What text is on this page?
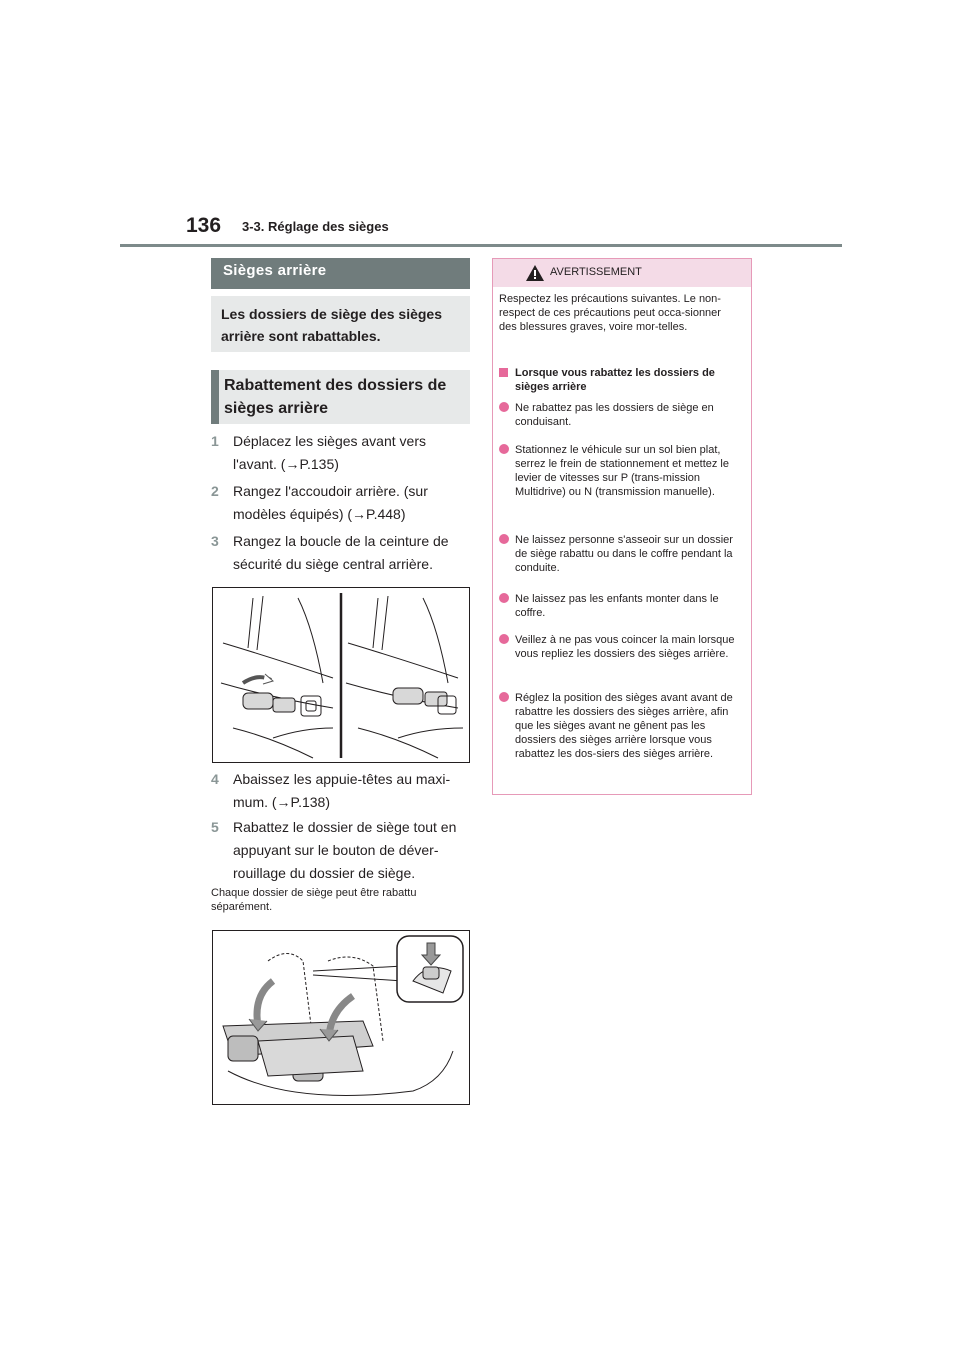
136 3-3. Réglage des sièges
Sièges arrière
Les dossiers de siège des sièges arrière sont rabattables.
Rabattement des dossiers de sièges arrière
1 Déplacez les sièges avant vers l'avant. (→P.135)
2 Rangez l'accoudoir arrière. (sur modèles équipés) (→P.448)
3 Rangez la boucle de la ceinture de sécurité du siège central arrière.
4 Abaissez les appuie-têtes au maxi-mum. (→P.138)
5 Rabattez le dossier de siège tout en appuyant sur le bouton de déver-rouillage du dossier de siège.
Chaque dossier de siège peut être rabattu séparément.
AVERTISSEMENT
Respectez les précautions suivantes. Le non-respect de ces précautions peut occa-sionner des blessures graves, voire mor-telles.
Lorsque vous rabattez les dossiers de sièges arrière
Ne rabattez pas les dossiers de siège en conduisant.
Stationnez le véhicule sur un sol bien plat, serrez le frein de stationnement et mettez le levier de vitesses sur P (trans-mission Multidrive) ou N (transmission manuelle).
Ne laissez personne s'asseoir sur un dossier de siège rabattu ou dans le coffre pendant la conduite.
Ne laissez pas les enfants monter dans le coffre.
Veillez à ne pas vous coincer la main lorsque vous repliez les dossiers des sièges arrière.
Réglez la position des sièges avant avant de rabattre les dossiers des sièges arrière, afin que les sièges avant ne gênent pas les dossiers des sièges arrière lorsque vous rabattez les dos-siers des sièges arrière.
